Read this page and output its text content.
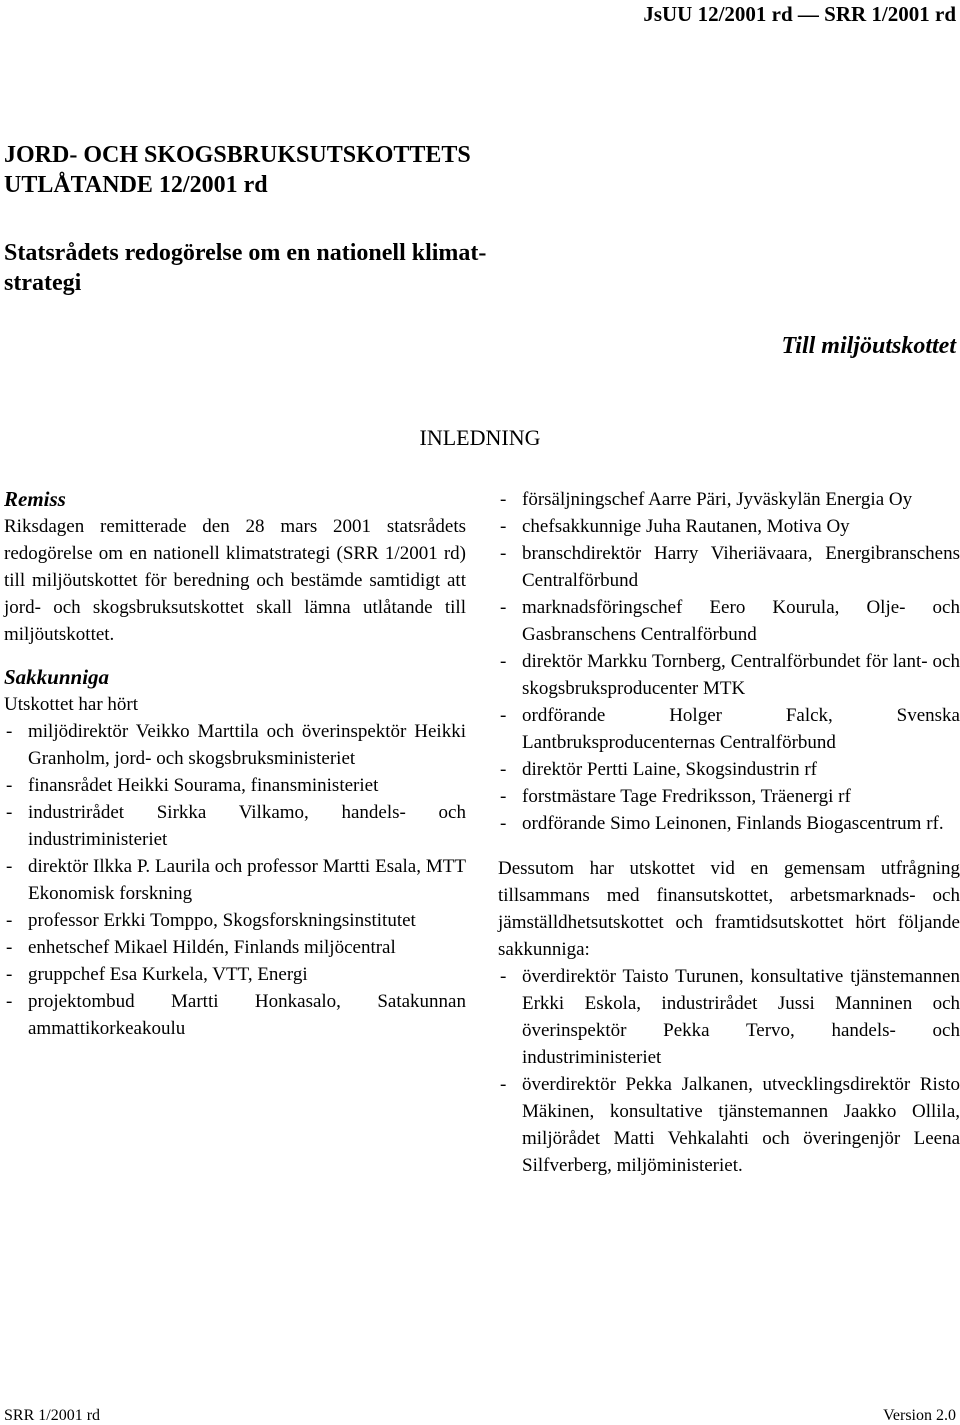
JsUU 12/2001 rd — SRR 1/2001 rd
JORD- OCH SKOGSBRUKSUTSKOTTETS
UTLÅTANDE 12/2001 rd
Statsrådets redogörelse om en nationell klimat-
strategi
Till miljöutskottet
INLEDNING
Remiss

Riksdagen remitterade den 28 mars 2001 statsrådets redogörelse om en nationell klimatstrategi (SRR 1/2001 rd) till miljöutskottet för beredning och bestämde samtidigt att jord- och skogsbruksutskottet skall lämna utlåtande till miljöutskottet.

Sakkunniga

Utskottet har hört

- miljödirektör Veikko Marttila och överinspektör Heikki Granholm, jord- och skogsbruksministeriet
- finansrådet Heikki Sourama, finansministeriet
- industrirådet Sirkka Vilkamo, handels- och industriministeriet
- direktör Ilkka P. Laurila och professor Martti Esala, MTT Ekonomisk forskning
- professor Erkki Tomppo, Skogsforskningsinstitutet
- enhetschef Mikael Hildén, Finlands miljöcentral
- gruppchef Esa Kurkela, VTT, Energi
- projektombud Martti Honkasalo, Satakunnan ammattikorkeakoulu
- försäljningschef Aarre Päri, Jyväskylän Energia Oy
- chefsakkunnige Juha Rautanen, Motiva Oy
- branschdirektör Harry Viheriävaara, Energibranschens Centralförbund
- marknadsföringschef Eero Kourula, Olje- och Gasbranschens Centralförbund
- direktör Markku Tornberg, Centralförbundet för lant- och skogsbruksproducenter MTK
- ordförande Holger Falck, Svenska Lantbruksproducenternas Centralförbund
- direktör Pertti Laine, Skogsindustrin rf
- forstmästare Tage Fredriksson, Träenergi rf
- ordförande Simo Leinonen, Finlands Biogascentrum rf.

Dessutom har utskottet vid en gemensam utfrågning tillsammans med finansutskottet, arbetsmarknads- och jämställdhetsutskottet och framtidsutskottet hört följande sakkunniga:

- överdirektör Taisto Turunen, konsultative tjänstemannen Erkki Eskola, industrirådet Jussi Manninen och överinspektör Pekka Tervo, handels- och industriministeriet
- överdirektör Pekka Jalkanen, utvecklingsdirektör Risto Mäkinen, konsultative tjänstemannen Jaakko Ollila, miljörådet Matti Vehkalahti och överingenjör Leena Silfverberg, miljöministeriet.
SRR 1/2001 rd	Version 2.0
